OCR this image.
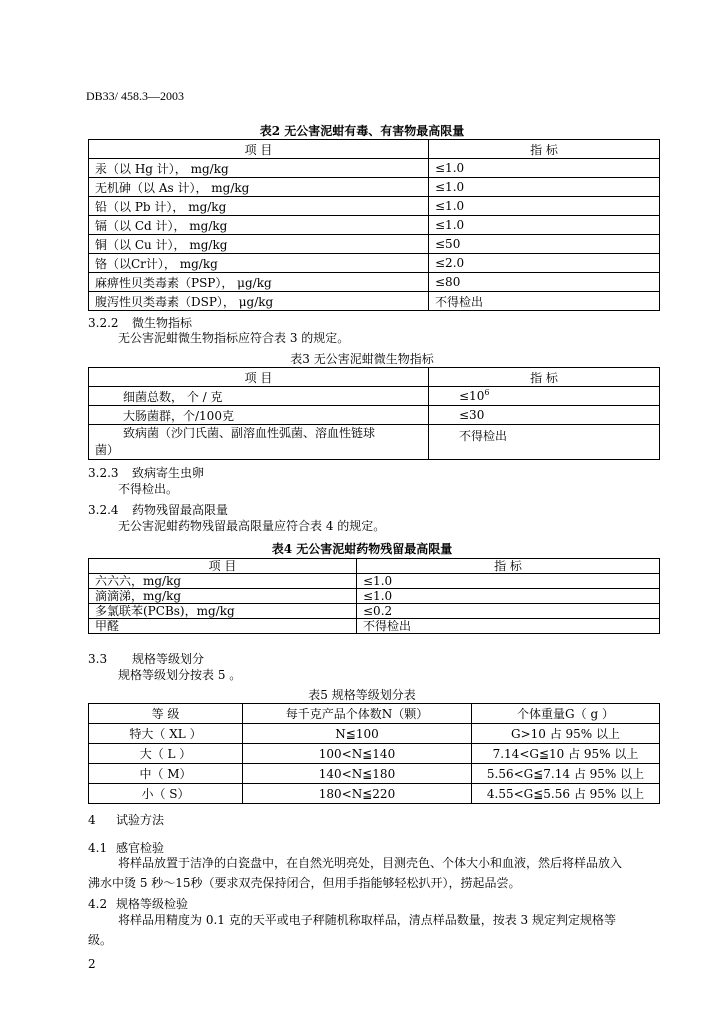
DB33/ 458.3—2003
表2 无公害泥蚶有毒、有害物最高限量
项 目	指 标
汞（以 Hg 计）， mg/kg	≤1.0
无机砷（以 As 计）， mg/kg	≤1.0
铅（以 Pb 计）， mg/kg	≤1.0
镉（以 Cd 计）， mg/kg	≤1.0
铜（以 Cu 计）， mg/kg	≤50
铬（以Cr计）， mg/kg	≤2.0
麻痹性贝类毒素（PSP）， μg/kg	≤80
腹泻性贝类毒素（DSP）， μg/kg	不得检出
3.2.2 微生物指标
无公害泥蚶微生物指标应符合表 3 的规定。
表3 无公害泥蚶微生物指标
项 目	指 标
细菌总数， 个 / 克	$\le 10^6$
大肠菌群，个/100克	≤30

致病菌（沙门氏菌、副溶血性弧菌、溶血性链球
菌）	不得检出
3.2.3 致病寄生虫卵
不得检出。
3.2.4 药物残留最高限量
无公害泥蚶药物残留最高限量应符合表 4 的规定。
表4 无公害泥蚶药物残留最高限量
项 目	指 标
六六六，mg/kg	≤1.0
滴滴涕，mg/kg	≤1.0
多氯联苯(PCBs)，mg/kg	≤0.2
甲醛	不得检出
3.3 规格等级划分
规格等级划分按表 5 。
表5 规格等级划分表
等 级	每千克产品个体数N（颗）	个体重量G（ g ）
特大（ XL ）	N≦100	G>10 占 95% 以上
大（ L ）	100<N≦140	7.14<G≦10 占 95% 以上
中（ M）	140<N≦180	5.56<G≦7.14 占 95% 以上
小（ S）	180<N≦220	4.55<G≦5.56 占 95% 以上
4 试验方法
4.1 感官检验
将样品放置于洁净的白瓷盘中，在自然光明亮处，目测壳色、个体大小和血液，然后将样品放入
沸水中烫 5 秒～15秒（要求双壳保持闭合，但用手指能够轻松扒开），捞起品尝。
4.2 规格等级检验
将样品用精度为 0.1 克的天平或电子秤随机称取样品，清点样品数量，按表 3 规定判定规格等
级。
2
